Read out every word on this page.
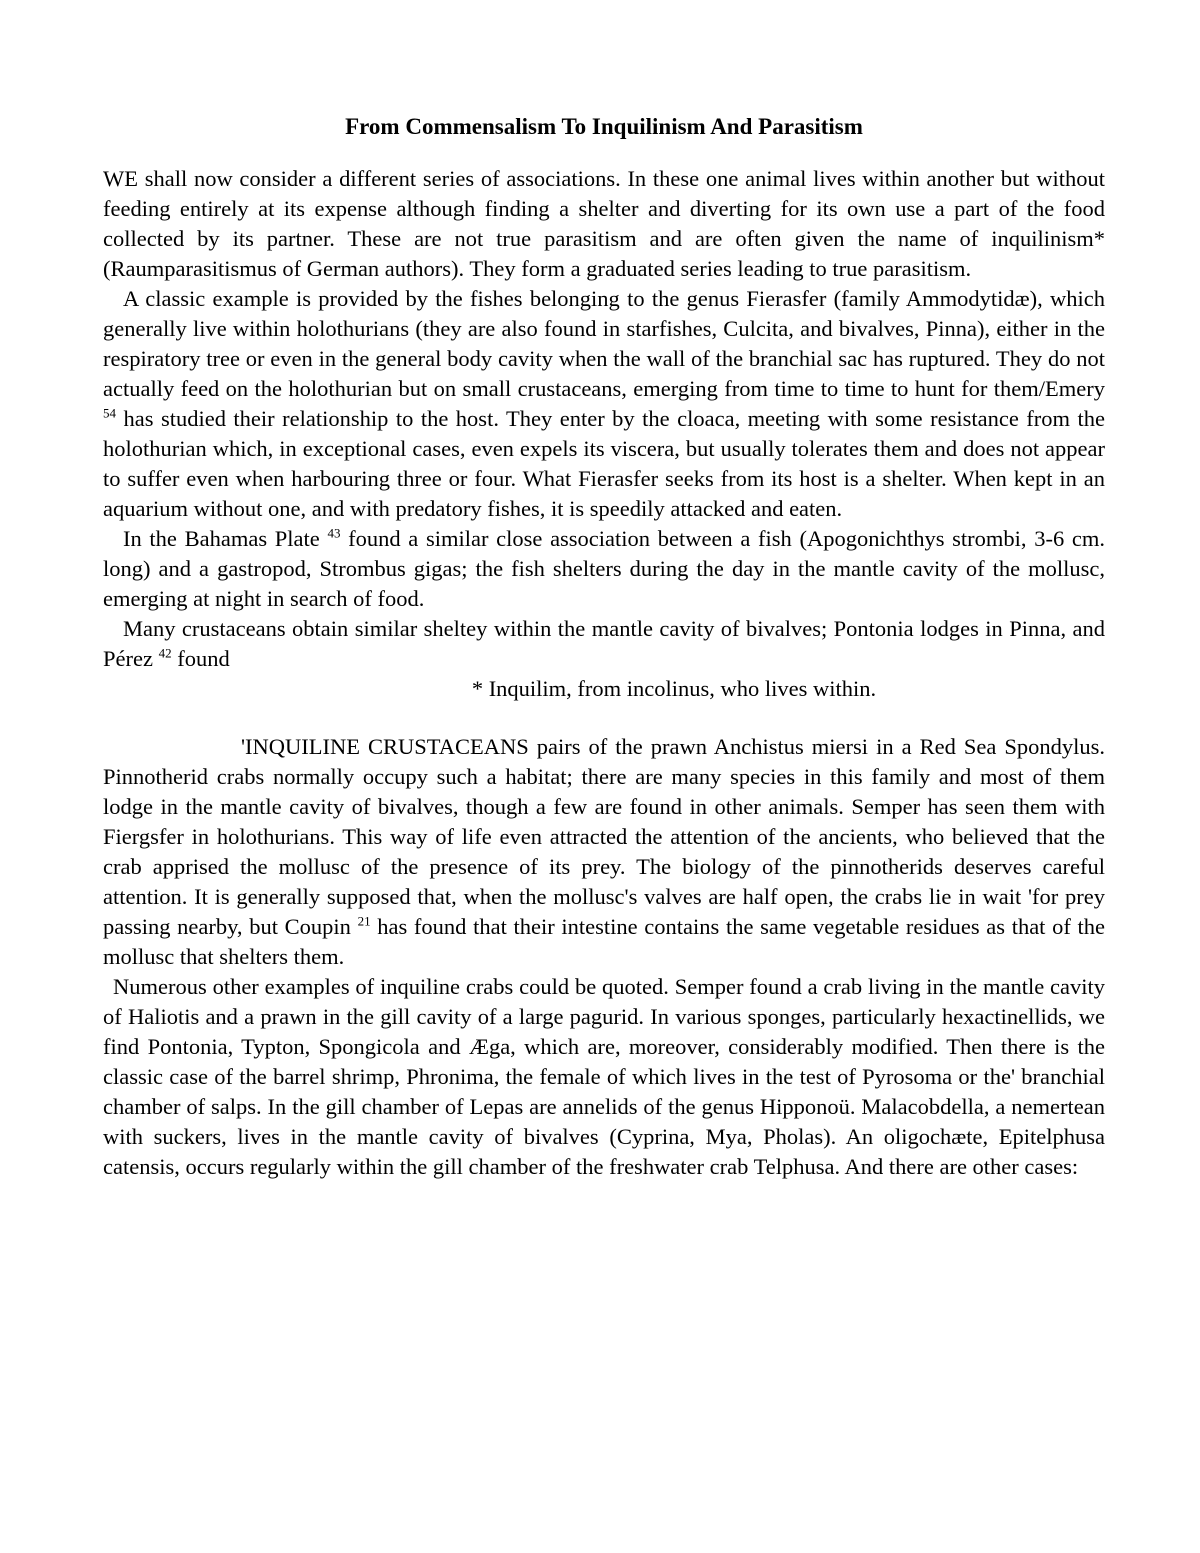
From Commensalism To Inquilinism And Parasitism

WE shall now consider a different series of associations. In these one animal lives within another but without feeding entirely at its expense although finding a shelter and diverting for its own use a part of the food collected by its partner. These are not true parasitism and are often given the name of inquilinism* (Raumparasitismus of German authors). They form a graduated series leading to true parasitism.

A classic example is provided by the fishes belonging to the genus Fierasfer (family Ammodytidæ), which generally live within holothurians (they are also found in starfishes, Culcita, and bivalves, Pinna), either in the respiratory tree or even in the general body cavity when the wall of the branchial sac has ruptured. They do not actually feed on the holothurian but on small crustaceans, emerging from time to time to hunt for them/Emery $^{54}$ has studied their relationship to the host. They enter by the cloaca, meeting with some resistance from the holothurian which, in exceptional cases, even expels its viscera, but usually tolerates them and does not appear to suffer even when harbouring three or four. What Fierasfer seeks from its host is a shelter. When kept in an aquarium without one, and with predatory fishes, it is speedily attacked and eaten.

In the Bahamas Plate $^{43}$ found a similar close association between a fish (Apogonichthys strombi, 3-6 cm. long) and a gastropod, Strombus gigas; the fish shelters during the day in the mantle cavity of the mollusc, emerging at night in search of food.

Many crustaceans obtain similar sheltey within the mantle cavity of bivalves; Pontonia lodges in Pinna, and Pérez $^{42}$ found

* Inquilim, from incolinus, who lives within.

'INQUILINE CRUSTACEANS pairs of the prawn Anchistus miersi in a Red Sea Spondylus. Pinnotherid crabs normally occupy such a habitat; there are many species in this family and most of them lodge in the mantle cavity of bivalves, though a few are found in other animals. Semper has seen them with Fiergsfer in holothurians. This way of life even attracted the attention of the ancients, who believed that the crab apprised the mollusc of the presence of its prey. The biology of the pinnotherids deserves careful attention. It is generally supposed that, when the mollusc's valves are half open, the crabs lie in wait 'for prey passing nearby, but Coupin $^{21}$ has found that their intestine contains the same vegetable residues as that of the mollusc that shelters them.

Numerous other examples of inquiline crabs could be quoted. Semper found a crab living in the mantle cavity of Haliotis and a prawn in the gill cavity of a large pagurid. In various sponges, particularly hexactinellids, we find Pontonia, Typton, Spongicola and Æga, which are, moreover, considerably modified. Then there is the classic case of the barrel shrimp, Phronima, the female of which lives in the test of Pyrosoma or the' branchial chamber of salps. In the gill chamber of Lepas are annelids of the genus Hipponoü. Malacobdella, a nemertean with suckers, lives in the mantle cavity of bivalves (Cyprina, Mya, Pholas). An oligochæte, Epitelphusa catensis, occurs regularly within the gill chamber of the freshwater crab Telphusa. And there are other cases:
